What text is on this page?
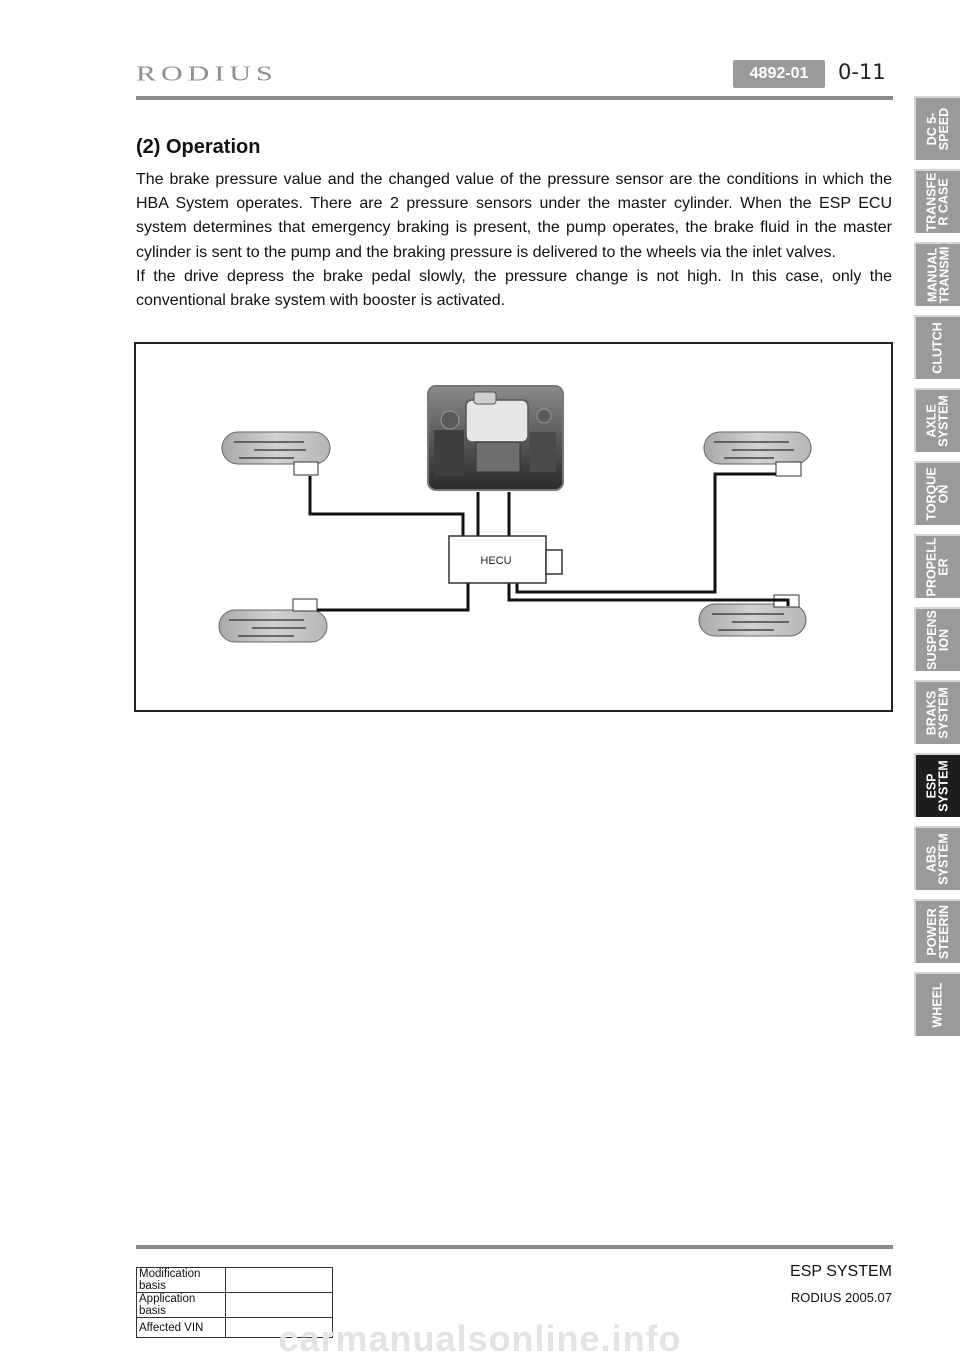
RODIUS	4892-01	0-11
(2) Operation

The brake pressure value and the changed value of the pressure sensor are the conditions in which the HBA System operates. There are 2 pressure sensors under the master cylinder. When the ESP ECU system determines that emergency braking is present, the pump operates, the brake fluid in the master cylinder is sent to the pump and the braking pressure is delivered to the wheels via the inlet valves.

If the drive depress the brake pedal slowly, the pressure change is not high. In this case, only the conventional brake system with booster is activated.

HECU
DC 5-
SPEED
TRANSFE
R CASE
MANUAL
TRANSMI
CLUTCH
AXLE
SYSTEM
TORQUE
ON
PROPELL
ER
SUSPENS
ION
BRAKS
SYSTEM
ESP
SYSTEM
ABS
SYSTEM
POWER
STEERIN
WHEEL
ESP SYSTEM
RODIUS 2005.07
Modification basis	
Application basis	
Affected VIN		carmanualsonline.info
